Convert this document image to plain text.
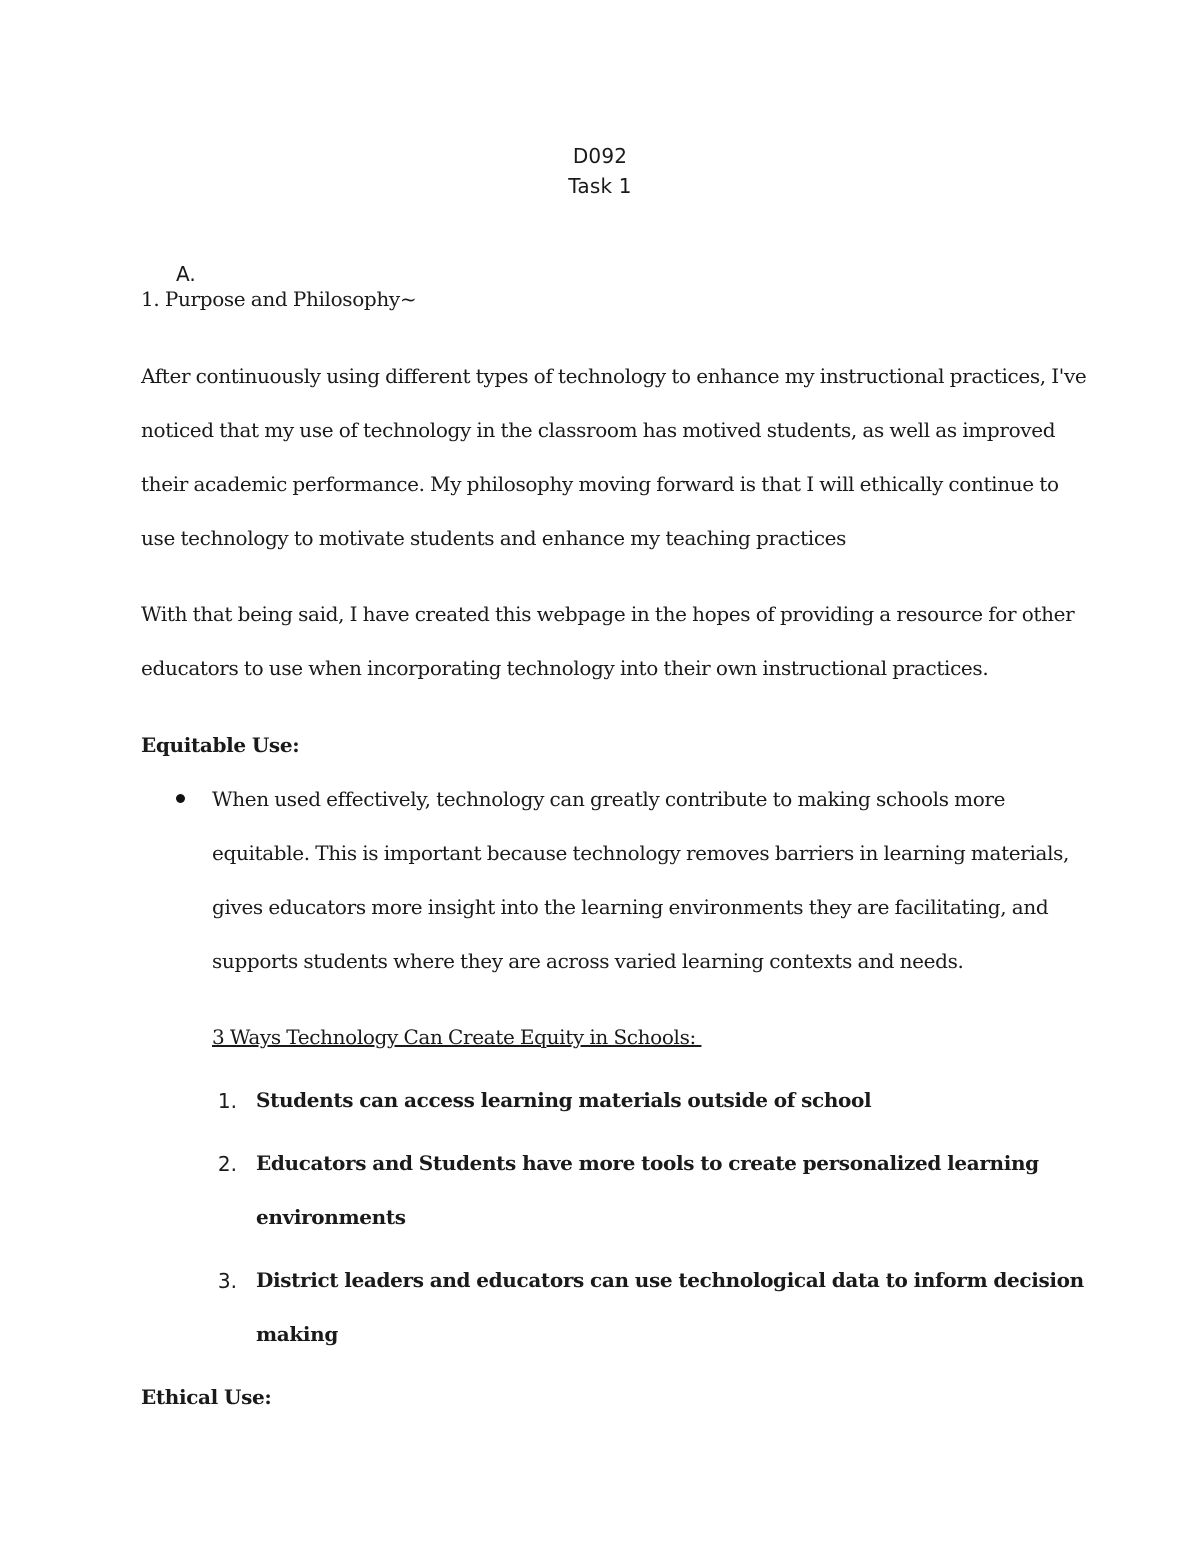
D092
Task 1
A.
1. Purpose and Philosophy~
After continuously using different types of technology to enhance my instructional practices, I've
noticed that my use of technology in the classroom has motived students, as well as improved
their academic performance. My philosophy moving forward is that I will ethically continue to
use technology to motivate students and enhance my teaching practices
With that being said, I have created this webpage in the hopes of providing a resource for other
educators to use when incorporating technology into their own instructional practices.
Equitable Use:
When used effectively, technology can greatly contribute to making schools more
equitable. This is important because technology removes barriers in learning materials,
gives educators more insight into the learning environments they are facilitating, and
supports students where they are across varied learning contexts and needs.
3 Ways Technology Can Create Equity in Schools:
1. Students can access learning materials outside of school
2. Educators and Students have more tools to create personalized learning
environments
3. District leaders and educators can use technological data to inform decision
making
Ethical Use:
